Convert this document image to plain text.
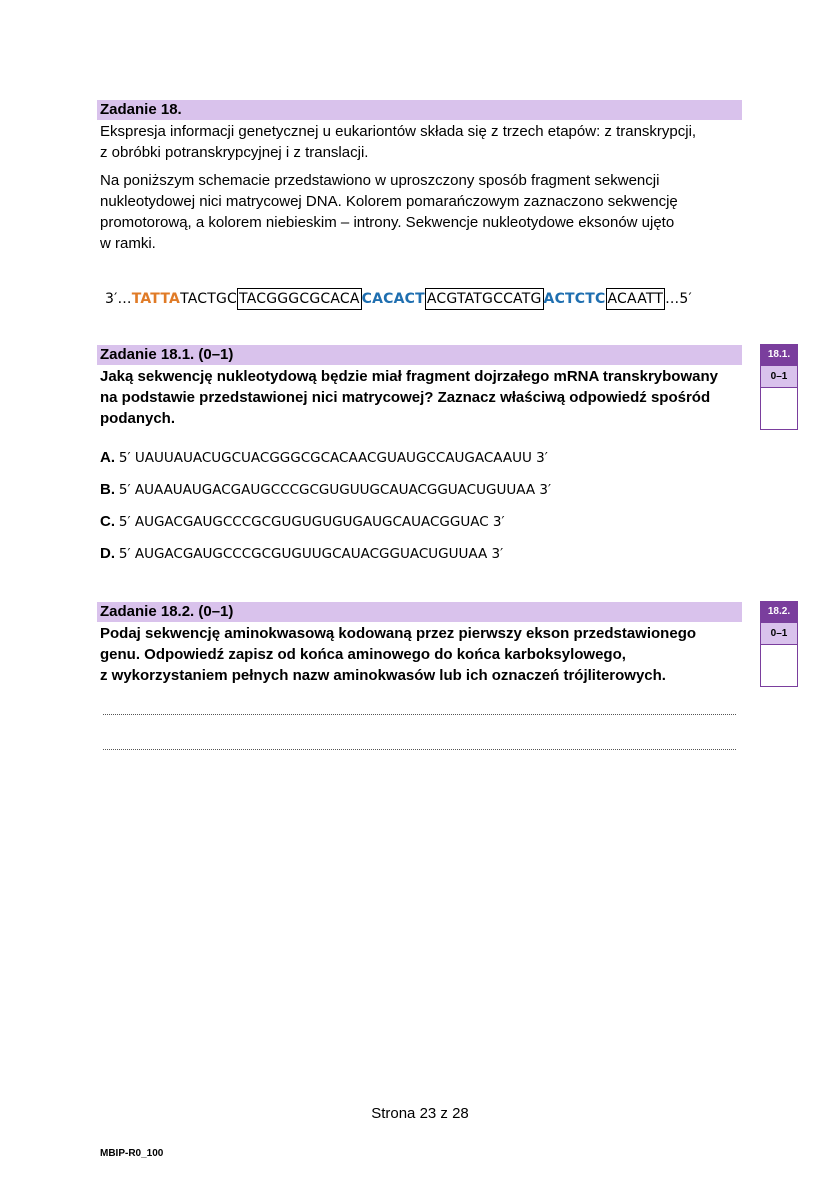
Zadanie 18.
Ekspresja informacji genetycznej u eukariontów składa się z trzech etapów: z transkrypcji,
z obróbki potranskrypcyjnej i z translacji.
Na poniższym schemacie przedstawiono w uproszczony sposób fragment sekwencji
nukleotydowej nici matrycowej DNA. Kolorem pomarańczowym zaznaczono sekwencję
promotorową, a kolorem niebieskim – introny. Sekwencje nukleotydowe eksonów ujęto
w ramki.
3′…TATTATACTGC TACGGGCGCACA CACACT ACGTATGCCATG ACTCTC ACAATT …5′
Zadanie 18.1. (0–1)	18.1.
0–1
Jaką sekwencję nukleotydową będzie miał fragment dojrzałego mRNA transkrybowany
na podstawie przedstawionej nici matrycowej? Zaznacz właściwą odpowiedź spośród
podanych.
A. 5′ UAUUAUACUGCUACGGGCGCACAACGUAUGCCAUGACAAUU 3′
B. 5′ AUAAUAUGACGAUGCCCGCGUGUUGCAUACGGUACUGUUAA 3′
C. 5′ AUGACGAUGCCCGCGUGUGUGUGAUGCAUACGGUAC 3′
D. 5′ AUGACGAUGCCCGCGUGUUGCAUACGGUACUGUUAA 3′
Zadanie 18.2. (0–1)	18.2.
0–1
Podaj sekwencję aminokwasową kodowaną przez pierwszy ekson przedstawionego
genu. Odpowiedź zapisz od końca aminowego do końca karboksylowego,
z wykorzystaniem pełnych nazw aminokwasów lub ich oznaczeń trójliterowych.
Strona 23 z 28
MBIP-R0_100
